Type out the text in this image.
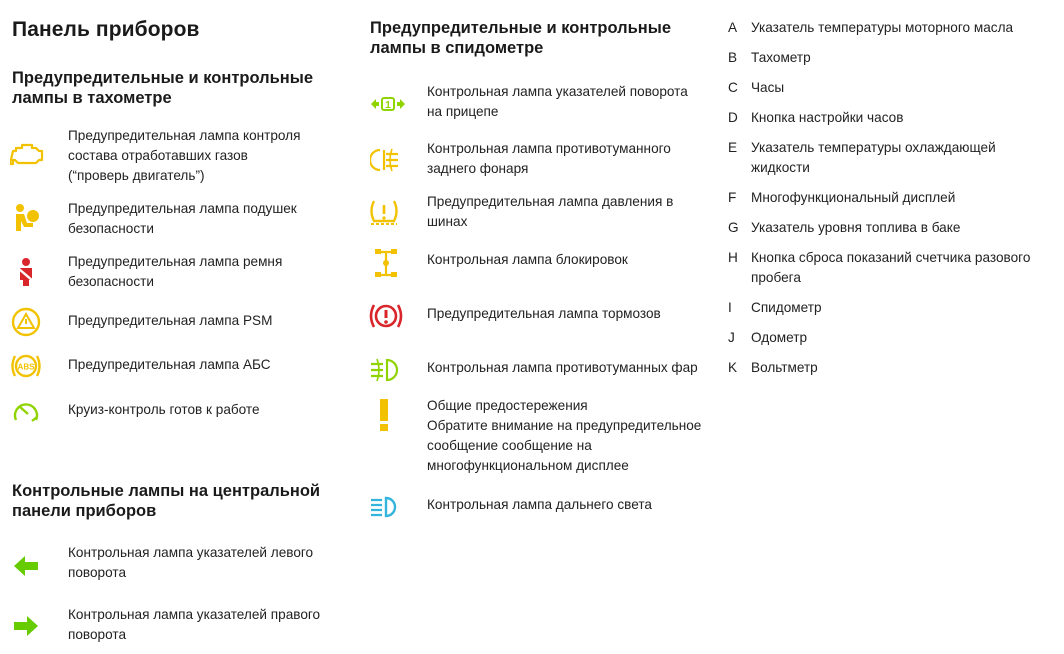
Панель приборов
Предупредительные и контрольные
лампы в тахометре
Предупредительная лампа контроля
состава отработавших газов
(“проверь двигатель”)
Предупредительная лампа подушек
безопасности
Предупредительная лампа ремня
безопасности
Предупредительная лампа PSM
ABS Предупредительная лампа АБС
Круиз-контроль готов к работе
Контрольные лампы на центральной
панели приборов
Контрольная лампа указателей левого
поворота
Контрольная лампа указателей правого
поворота
Предупредительные и контрольные
лампы в спидометре
1
Контрольная лампа указателей поворота
на прицепе
Контрольная лампа противотуманного
заднего фонаря
Предупредительная лампа давления в
шинах
Контрольная лампа блокировок
Предупредительная лампа тормозов
Контрольная лампа противотуманных фар
Общие предостережения
Обратите внимание на предупредительное
сообщение сообщение на
многофункциональном дисплее
Контрольная лампа дальнего света
A	Указатель температуры моторного масла
B	Тахометр
C Часы
D Кнопка настройки часов
E	Указатель температуры охлаждающей
жидкости
F	Многофункциональный дисплей
G Указатель уровня топлива в баке
H Кнопка сброса показаний счетчика разового
пробега
I	Спидометр
J	Одометр
K	Вольтметр
